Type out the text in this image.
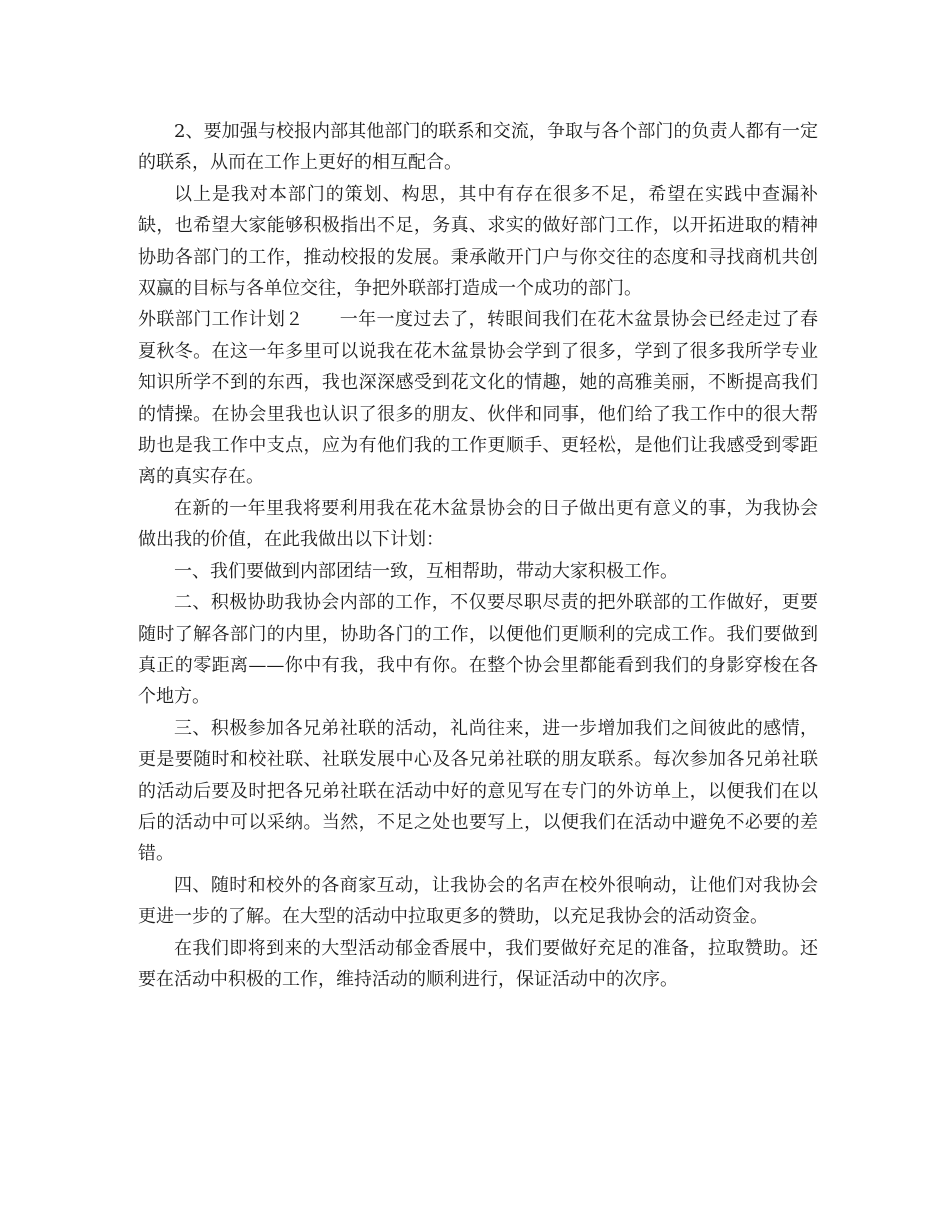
2、要加强与校报内部其他部门的联系和交流，争取与各个部门的负责人都有一定的联系，从而在工作上更好的相互配合。

以上是我对本部门的策划、构思，其中有存在很多不足，希望在实践中查漏补缺，也希望大家能够积极指出不足，务真、求实的做好部门工作，以开拓进取的精神协助各部门的工作，推动校报的发展。秉承敞开门户与你交往的态度和寻找商机共创双赢的目标与各单位交往，争把外联部打造成一个成功的部门。

外联部门工作计划２ 一年一度过去了，转眼间我们在花木盆景协会已经走过了春夏秋冬。在这一年多里可以说我在花木盆景协会学到了很多，学到了很多我所学专业知识所学不到的东西，我也深深感受到花文化的情趣，她的高雅美丽，不断提高我们的情操。在协会里我也认识了很多的朋友、伙伴和同事，他们给了我工作中的很大帮助也是我工作中支点，应为有他们我的工作更顺手、更轻松，是他们让我感受到零距离的真实存在。

在新的一年里我将要利用我在花木盆景协会的日子做出更有意义的事，为我协会做出我的价值，在此我做出以下计划：

一、我们要做到内部团结一致，互相帮助，带动大家积极工作。

二、积极协助我协会内部的工作，不仅要尽职尽责的把外联部的工作做好，更要随时了解各部门的内里，协助各门的工作，以便他们更顺利的完成工作。我们要做到真正的零距离——你中有我，我中有你。在整个协会里都能看到我们的身影穿梭在各个地方。

三、积极参加各兄弟社联的活动，礼尚往来，进一步增加我们之间彼此的感情，更是要随时和校社联、社联发展中心及各兄弟社联的朋友联系。每次参加各兄弟社联的活动后要及时把各兄弟社联在活动中好的意见写在专门的外访单上，以便我们在以后的活动中可以采纳。当然，不足之处也要写上，以便我们在活动中避免不必要的差错。

四、随时和校外的各商家互动，让我协会的名声在校外很响动，让他们对我协会更进一步的了解。在大型的活动中拉取更多的赞助，以充足我协会的活动资金。

在我们即将到来的大型活动郁金香展中，我们要做好充足的准备，拉取赞助。还要在活动中积极的工作，维持活动的顺利进行，保证活动中的次序。
